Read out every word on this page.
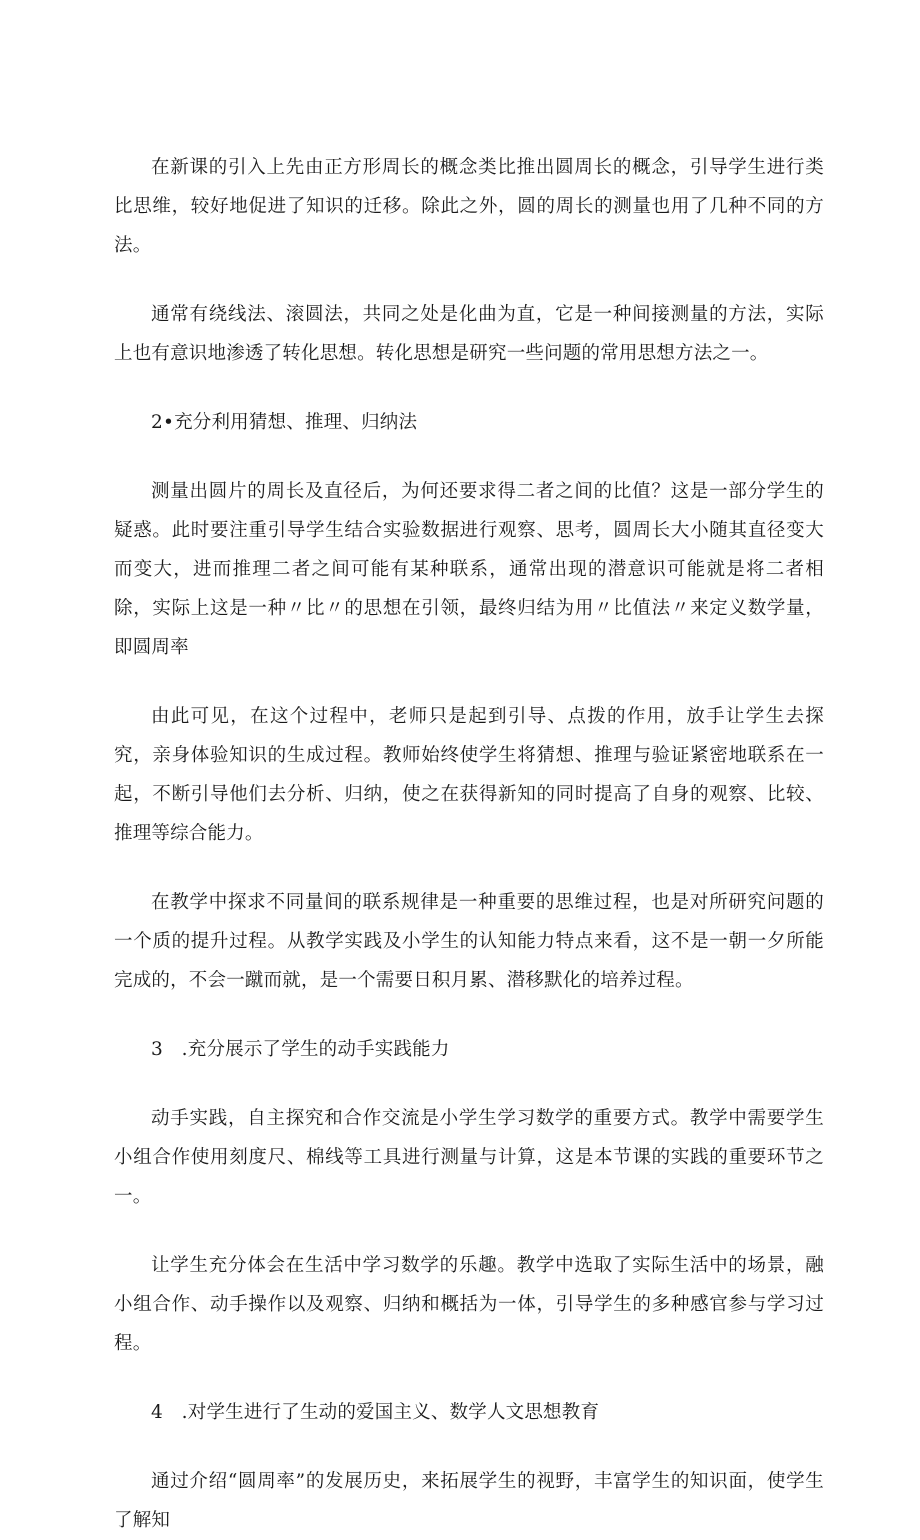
在新课的引入上先由正方形周长的概念类比推出圆周长的概念，引导学生进行类比思维，较好地促进了知识的迁移。除此之外，圆的周长的测量也用了几种不同的方法。

通常有绕线法、滚圆法，共同之处是化曲为直，它是一种间接测量的方法，实际上也有意识地渗透了转化思想。转化思想是研究一些问题的常用思想方法之一。

2•充分利用猜想、推理、归纳法

测量出圆片的周长及直径后，为何还要求得二者之间的比值？这是一部分学生的疑惑。此时要注重引导学生结合实验数据进行观察、思考，圆周长大小随其直径变大而变大，进而推理二者之间可能有某种联系，通常出现的潜意识可能就是将二者相除，实际上这是一种〃比〃的思想在引领，最终归结为用〃比值法〃来定义数学量，即圆周率

由此可见，在这个过程中，老师只是起到引导、点拨的作用，放手让学生去探究，亲身体验知识的生成过程。教师始终使学生将猜想、推理与验证紧密地联系在一起，不断引导他们去分析、归纳，使之在获得新知的同时提高了自身的观察、比较、推理等综合能力。

在教学中探求不同量间的联系规律是一种重要的思维过程，也是对所研究问题的一个质的提升过程。从教学实践及小学生的认知能力特点来看，这不是一朝一夕所能完成的，不会一蹴而就，是一个需要日积月累、潜移默化的培养过程。

3　.充分展示了学生的动手实践能力

动手实践，自主探究和合作交流是小学生学习数学的重要方式。教学中需要学生小组合作使用刻度尺、棉线等工具进行测量与计算，这是本节课的实践的重要环节之一。

让学生充分体会在生活中学习数学的乐趣。教学中选取了实际生活中的场景，融小组合作、动手操作以及观察、归纳和概括为一体，引导学生的多种感官参与学习过程。

4　.对学生进行了生动的爱国主义、数学人文思想教育

通过介绍“圆周率”的发展历史，来拓展学生的视野，丰富学生的知识面，使学生了解知
